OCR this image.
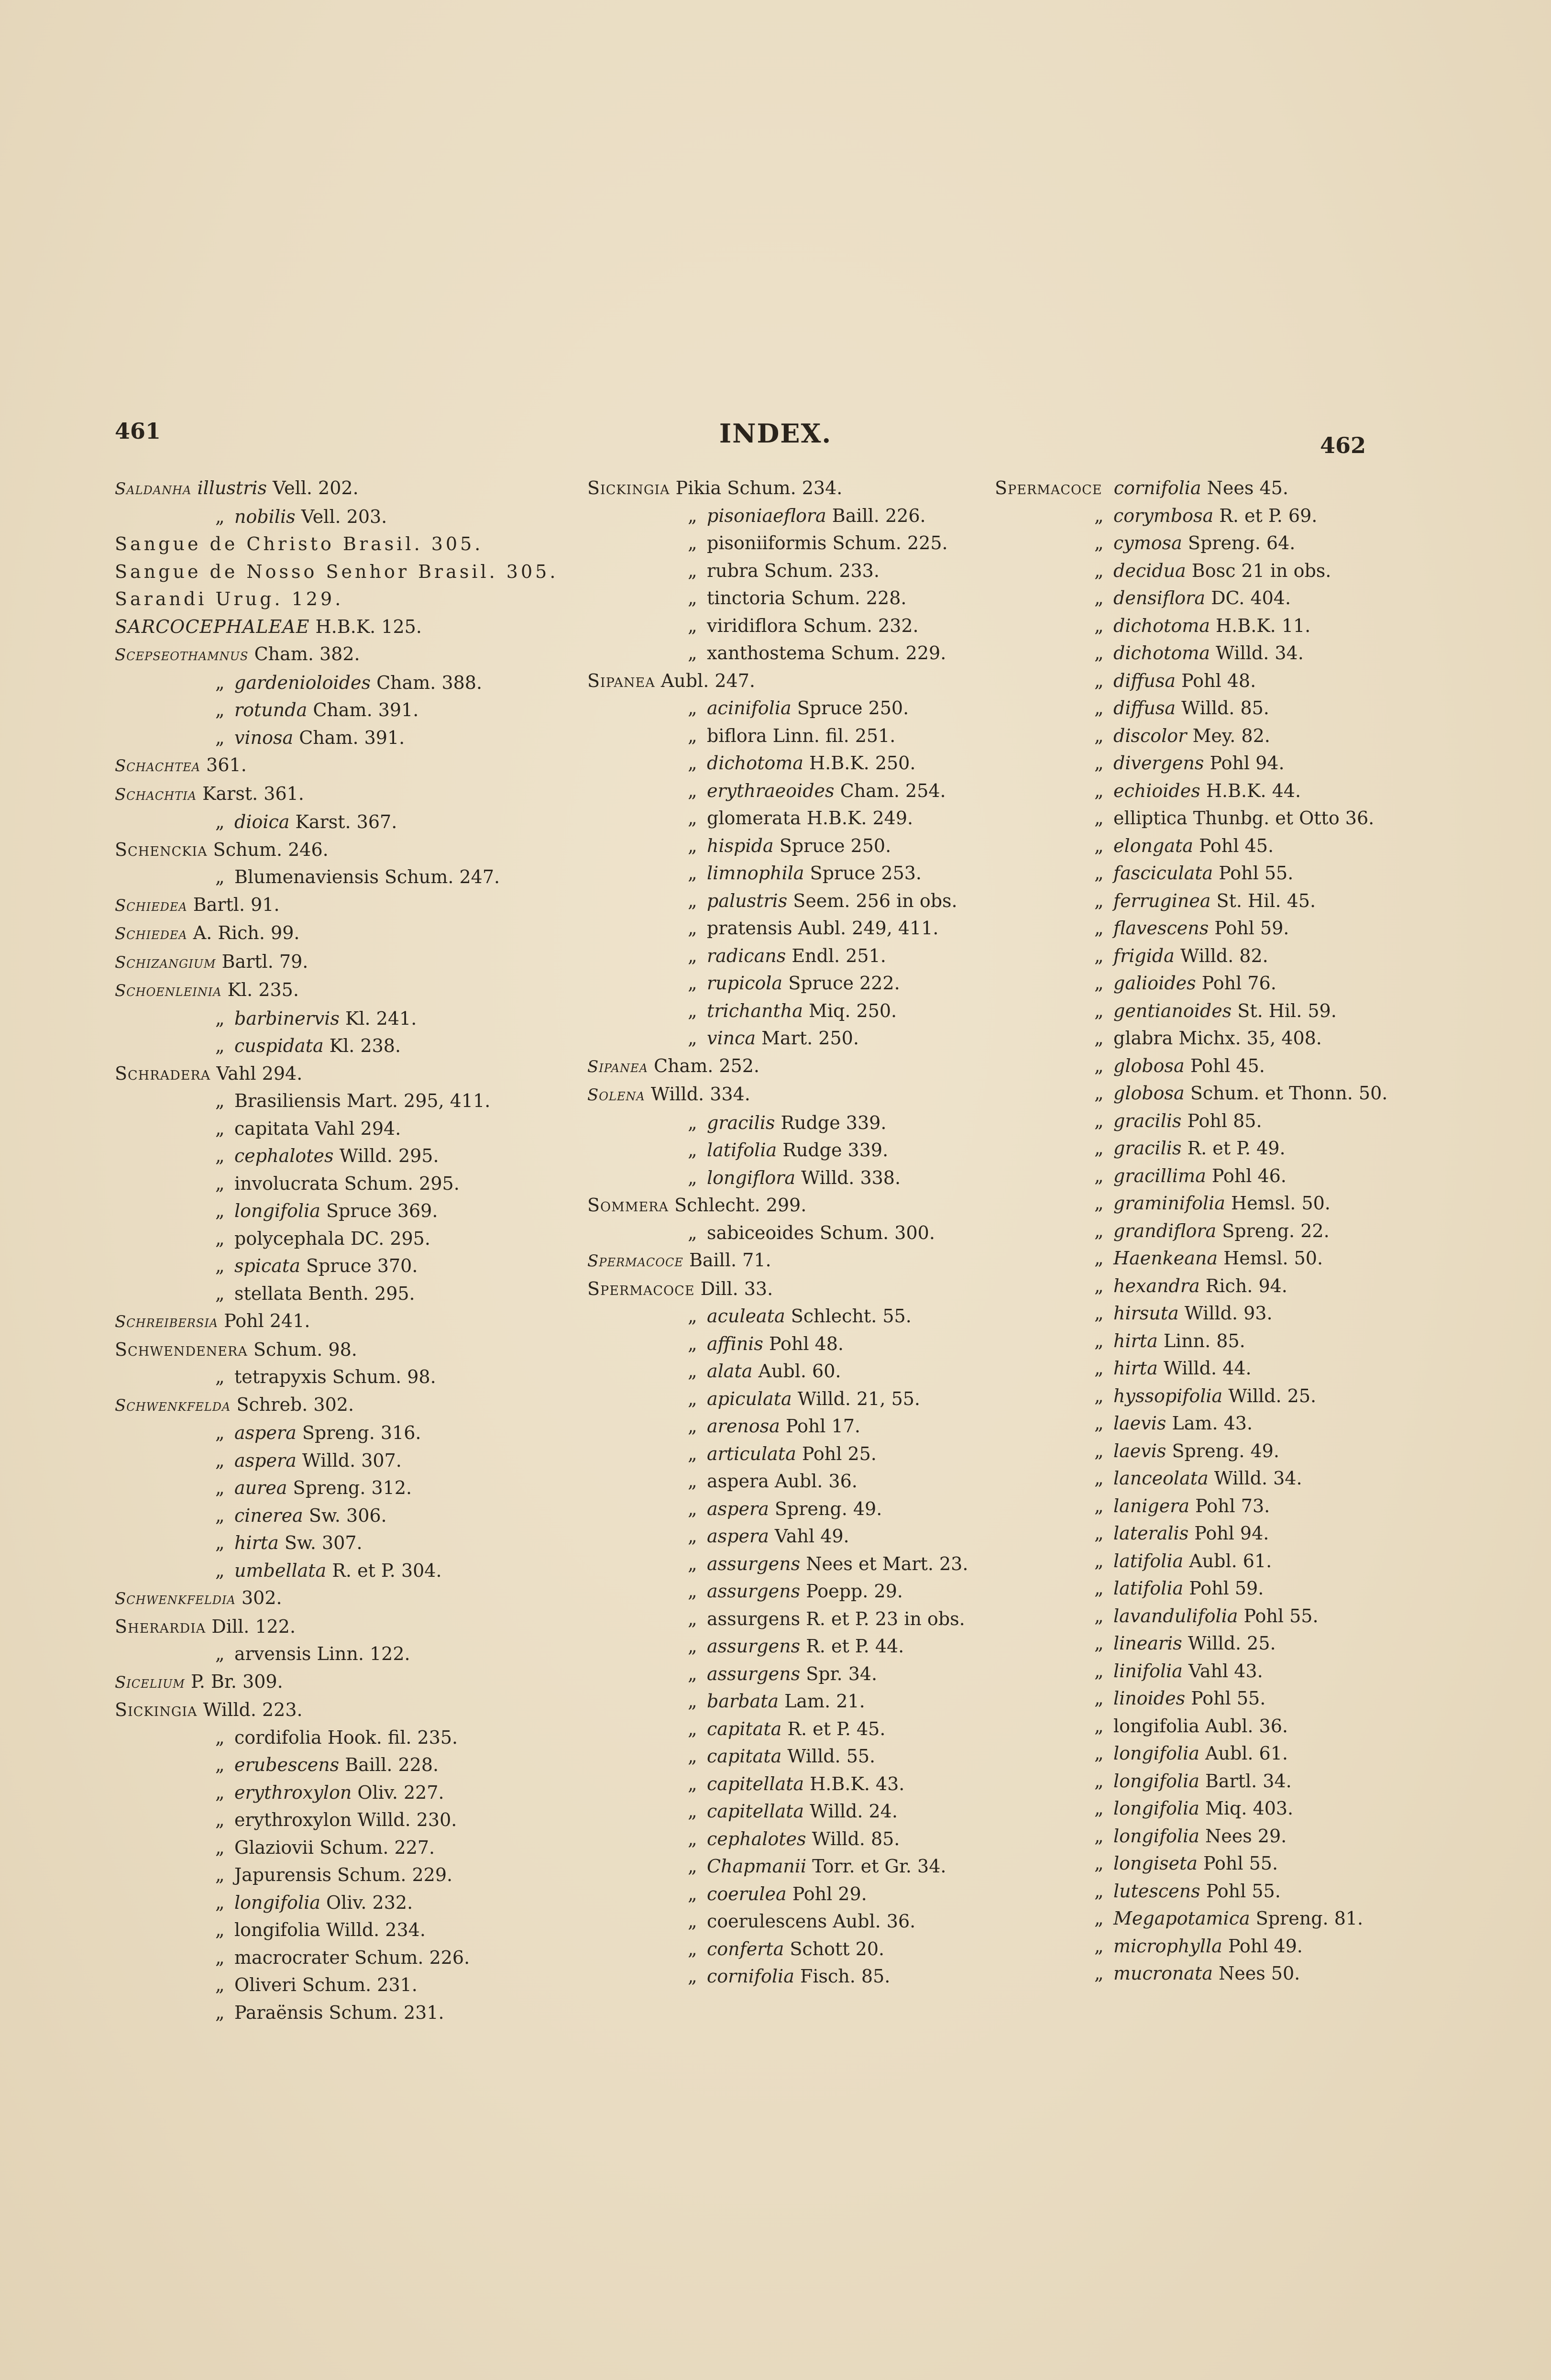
461	INDEX.	462
Saldanha illustris Vell. 202.
„ nobilis Vell. 203.
Sangue de Christo Brasil. 305.
Sangue de Nosso Senhor Brasil. 305.
Sarandi Urug. 129.
SARCOCEPHALEAE H.B.K. 125.
Scepseothamnus Cham. 382.
„ gardenioloides Cham. 388.
„ rotunda Cham. 391.
„ vinosa Cham. 391.
Schachtea 361.
Schachtia Karst. 361.
„ dioica Karst. 367.
Schenckia Schum. 246.
„ Blumenaviensis Schum. 247.
Schiedea Bartl. 91.
Schiedea A. Rich. 99.
Schizangium Bartl. 79.
Schoenleinia Kl. 235.
„ barbinervis Kl. 241.
„ cuspidata Kl. 238.
Schradera Vahl 294.
„ Brasiliensis Mart. 295, 411.
„ capitata Vahl 294.
„ cephalotes Willd. 295.
„ involucrata Schum. 295.
„ longifolia Spruce 369.
„ polycephala DC. 295.
„ spicata Spruce 370.
„ stellata Benth. 295.
Schreibersia Pohl 241.
Schwendenera Schum. 98.
„ tetrapyxis Schum. 98.
Schwenkfelda Schreb. 302.
„ aspera Spreng. 316.
„ aspera Willd. 307.
„ aurea Spreng. 312.
„ cinerea Sw. 306.
„ hirta Sw. 307.
„ umbellata R. et P. 304.
Schwenkfeldia 302.
Sherardia Dill. 122.
„ arvensis Linn. 122.
Sicelium P. Br. 309.
Sickingia Willd. 223.
„ cordifolia Hook. fil. 235.
„ erubescens Baill. 228.
„ erythroxylon Oliv. 227.
„ erythroxylon Willd. 230.
„ Glaziovii Schum. 227.
„ Japurensis Schum. 229.
„ longifolia Oliv. 232.
„ longifolia Willd. 234.
„ macrocrater Schum. 226.
„ Oliveri Schum. 231.
„ Paraënsis Schum. 231.
Sickingia Pikia Schum. 234.
„ pisoniaeflora Baill. 226.
„ pisoniiformis Schum. 225.
„ rubra Schum. 233.
„ tinctoria Schum. 228.
„ viridiflora Schum. 232.
„ xanthostema Schum. 229.
Sipanea Aubl. 247.
„ acinifolia Spruce 250.
„ biflora Linn. fil. 251.
„ dichotoma H.B.K. 250.
„ erythraeoides Cham. 254.
„ glomerata H.B.K. 249.
„ hispida Spruce 250.
„ limnophila Spruce 253.
„ palustris Seem. 256 in obs.
„ pratensis Aubl. 249, 411.
„ radicans Endl. 251.
„ rupicola Spruce 222.
„ trichantha Miq. 250.
„ vinca Mart. 250.
Sipanea Cham. 252.
Solena Willd. 334.
„ gracilis Rudge 339.
„ latifolia Rudge 339.
„ longiflora Willd. 338.
Sommera Schlecht. 299.
„ sabiceoides Schum. 300.
Spermacoce Baill. 71.
Spermacoce Dill. 33.
„ aculeata Schlecht. 55.
„ affinis Pohl 48.
„ alata Aubl. 60.
„ apiculata Willd. 21, 55.
„ arenosa Pohl 17.
„ articulata Pohl 25.
„ aspera Aubl. 36.
„ aspera Spreng. 49.
„ aspera Vahl 49.
„ assurgens Nees et Mart. 23.
„ assurgens Poepp. 29.
„ assurgens R. et P. 23 in obs.
„ assurgens R. et P. 44.
„ assurgens Spr. 34.
„ barbata Lam. 21.
„ capitata R. et P. 45.
„ capitata Willd. 55.
„ capitellata H.B.K. 43.
„ capitellata Willd. 24.
„ cephalotes Willd. 85.
„ Chapmanii Torr. et Gr. 34.
„ coerulea Pohl 29.
„ coerulescens Aubl. 36.
„ conferta Schott 20.
„ cornifolia Fisch. 85.
Spermacoce cornifolia Nees 45.
„ corymbosa R. et P. 69.
„ cymosa Spreng. 64.
„ decidua Bosc 21 in obs.
„ densiflora DC. 404.
„ dichotoma H.B.K. 11.
„ dichotoma Willd. 34.
„ diffusa Pohl 48.
„ diffusa Willd. 85.
„ discolor Mey. 82.
„ divergens Pohl 94.
„ echioides H.B.K. 44.
„ elliptica Thunbg. et Otto 36.
„ elongata Pohl 45.
„ fasciculata Pohl 55.
„ ferruginea St. Hil. 45.
„ flavescens Pohl 59.
„ frigida Willd. 82.
„ galioides Pohl 76.
„ gentianoides St. Hil. 59.
„ glabra Michx. 35, 408.
„ globosa Pohl 45.
„ globosa Schum. et Thonn. 50.
„ gracilis Pohl 85.
„ gracilis R. et P. 49.
„ gracillima Pohl 46.
„ graminifolia Hemsl. 50.
„ grandiflora Spreng. 22.
„ Haenkeana Hemsl. 50.
„ hexandra Rich. 94.
„ hirsuta Willd. 93.
„ hirta Linn. 85.
„ hirta Willd. 44.
„ hyssopifolia Willd. 25.
„ laevis Lam. 43.
„ laevis Spreng. 49.
„ lanceolata Willd. 34.
„ lanigera Pohl 73.
„ lateralis Pohl 94.
„ latifolia Aubl. 61.
„ latifolia Pohl 59.
„ lavandulifolia Pohl 55.
„ linearis Willd. 25.
„ linifolia Vahl 43.
„ linoides Pohl 55.
„ longifolia Aubl. 36.
„ longifolia Aubl. 61.
„ longifolia Bartl. 34.
„ longifolia Miq. 403.
„ longifolia Nees 29.
„ longiseta Pohl 55.
„ lutescens Pohl 55.
„ Megapotamica Spreng. 81.
„ microphylla Pohl 49.
„ mucronata Nees 50.
